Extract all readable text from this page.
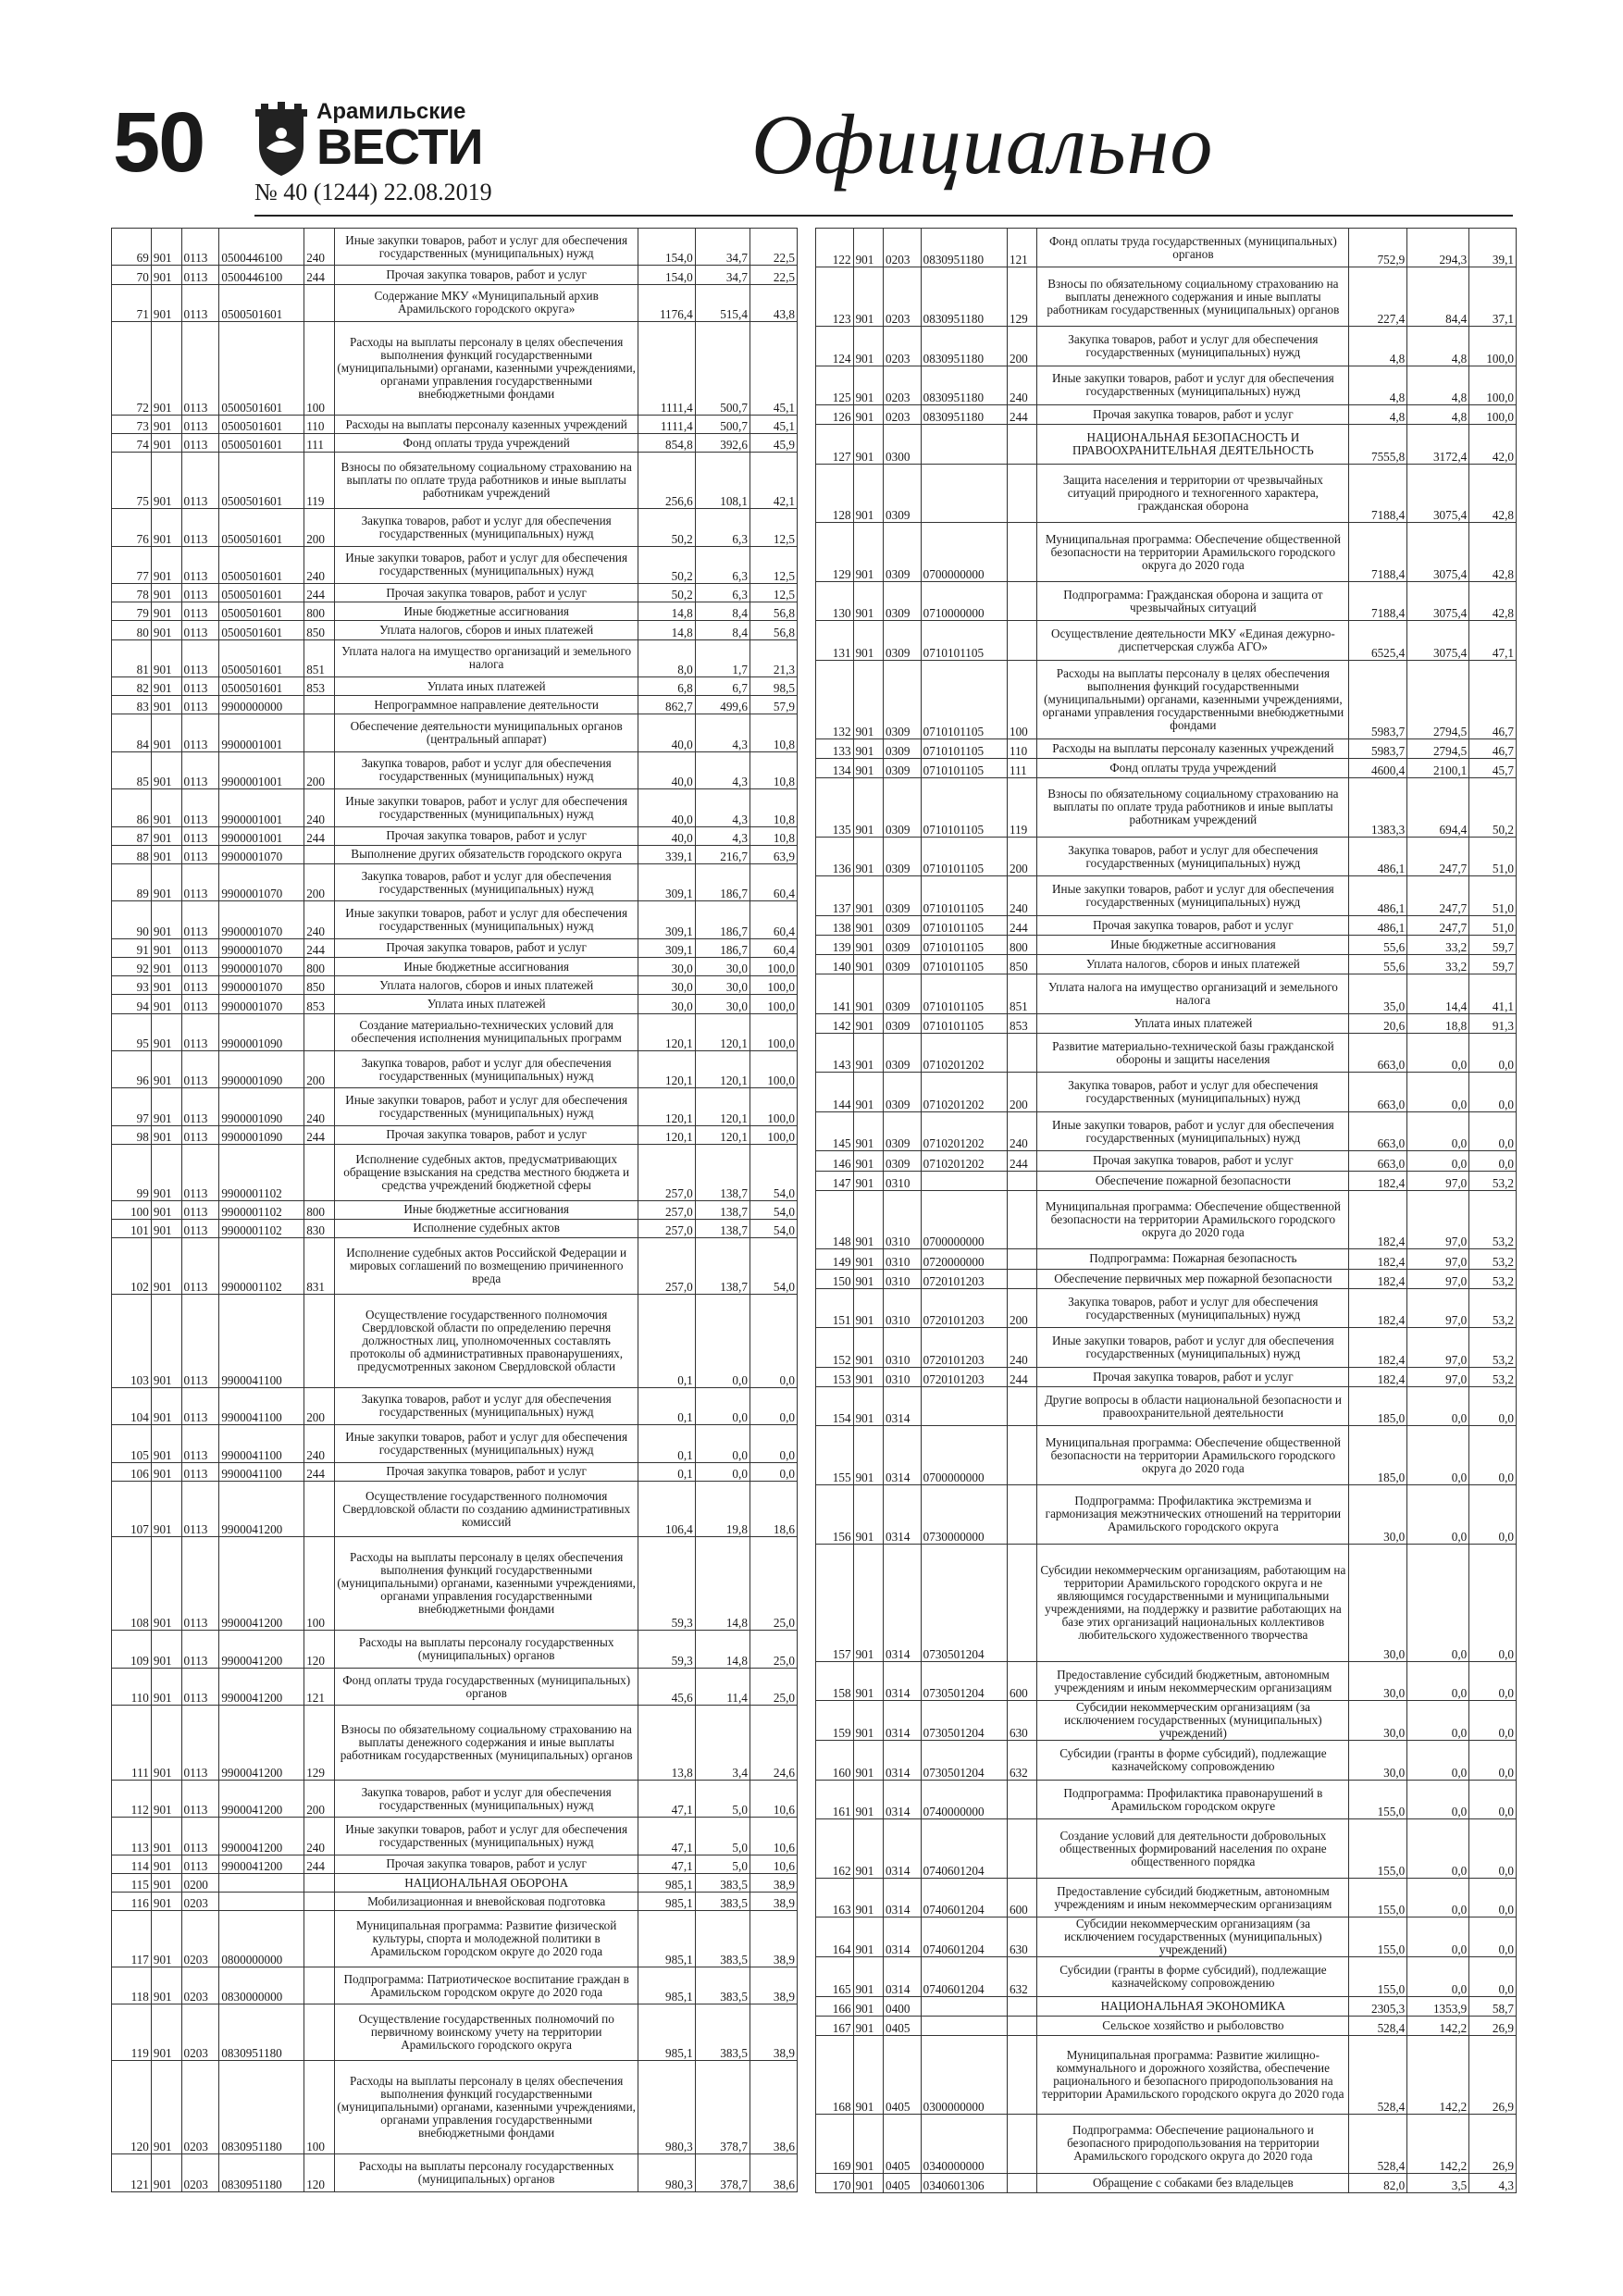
50	Арамильские
ВЕСТИ
№ 40 (1244) 22.08.2019
Официально
69	901	0113	0500446100	240	Иные закупки товаров, работ и услуг для обеспечения государственных (муниципальных) нужд	154,0	34,7	22,5
70	901	0113	0500446100	244	Прочая закупка товаров, работ и услуг	154,0	34,7	22,5
71	901	0113	0500501601		Содержание МКУ «Муниципальный архив Арамильского городского округа»	1176,4	515,4	43,8
72	901	0113	0500501601	100	Расходы на выплаты персоналу в целях обеспечения выполнения функций государственными (муниципальными) органами, казенными учреждениями, органами управления государственными внебюджетными фондами	1111,4	500,7	45,1
73	901	0113	0500501601	110	Расходы на выплаты персоналу казенных учреждений	1111,4	500,7	45,1
74	901	0113	0500501601	111	Фонд оплаты труда учреждений	854,8	392,6	45,9
75	901	0113	0500501601	119	Взносы по обязательному социальному страхованию на выплаты по оплате труда работников и иные выплаты работникам учреждений	256,6	108,1	42,1
76	901	0113	0500501601	200	Закупка товаров, работ и услуг для обеспечения государственных (муниципальных) нужд	50,2	6,3	12,5
77	901	0113	0500501601	240	Иные закупки товаров, работ и услуг для обеспечения государственных (муниципальных) нужд	50,2	6,3	12,5
78	901	0113	0500501601	244	Прочая закупка товаров, работ и услуг	50,2	6,3	12,5
79	901	0113	0500501601	800	Иные бюджетные ассигнования	14,8	8,4	56,8
80	901	0113	0500501601	850	Уплата налогов, сборов и иных платежей	14,8	8,4	56,8
81	901	0113	0500501601	851	Уплата налога на имущество организаций и земельного налога	8,0	1,7	21,3
82	901	0113	0500501601	853	Уплата иных платежей	6,8	6,7	98,5
83	901	0113	9900000000		Непрограммное направление деятельности	862,7	499,6	57,9
84	901	0113	9900001001		Обеспечение деятельности муниципальных органов (центральный аппарат)	40,0	4,3	10,8
85	901	0113	9900001001	200	Закупка товаров, работ и услуг для обеспечения государственных (муниципальных) нужд	40,0	4,3	10,8
86	901	0113	9900001001	240	Иные закупки товаров, работ и услуг для обеспечения государственных (муниципальных) нужд	40,0	4,3	10,8
87	901	0113	9900001001	244	Прочая закупка товаров, работ и услуг	40,0	4,3	10,8
88	901	0113	9900001070		Выполнение других обязательств городского округа	339,1	216,7	63,9
89	901	0113	9900001070	200	Закупка товаров, работ и услуг для обеспечения государственных (муниципальных) нужд	309,1	186,7	60,4
90	901	0113	9900001070	240	Иные закупки товаров, работ и услуг для обеспечения государственных (муниципальных) нужд	309,1	186,7	60,4
91	901	0113	9900001070	244	Прочая закупка товаров, работ и услуг	309,1	186,7	60,4
92	901	0113	9900001070	800	Иные бюджетные ассигнования	30,0	30,0	100,0
93	901	0113	9900001070	850	Уплата налогов, сборов и иных платежей	30,0	30,0	100,0
94	901	0113	9900001070	853	Уплата иных платежей	30,0	30,0	100,0
95	901	0113	9900001090		Создание материально-технических условий для обеспечения исполнения муниципальных программ	120,1	120,1	100,0
96	901	0113	9900001090	200	Закупка товаров, работ и услуг для обеспечения государственных (муниципальных) нужд	120,1	120,1	100,0
97	901	0113	9900001090	240	Иные закупки товаров, работ и услуг для обеспечения государственных (муниципальных) нужд	120,1	120,1	100,0
98	901	0113	9900001090	244	Прочая закупка товаров, работ и услуг	120,1	120,1	100,0
99	901	0113	9900001102		Исполнение судебных актов, предусматривающих обращение взыскания на средства местного бюджета и средства учреждений бюджетной сферы	257,0	138,7	54,0
100	901	0113	9900001102	800	Иные бюджетные ассигнования	257,0	138,7	54,0
101	901	0113	9900001102	830	Исполнение судебных актов	257,0	138,7	54,0
102	901	0113	9900001102	831	Исполнение судебных актов Российской Федерации и мировых соглашений по возмещению причиненного вреда	257,0	138,7	54,0
103	901	0113	9900041100		Осуществление государственного полномочия Свердловской области по определению перечня должностных лиц, уполномоченных составлять протоколы об административных правонарушениях, предусмотренных законом Свердловской области	0,1	0,0	0,0
104	901	0113	9900041100	200	Закупка товаров, работ и услуг для обеспечения государственных (муниципальных) нужд	0,1	0,0	0,0
105	901	0113	9900041100	240	Иные закупки товаров, работ и услуг для обеспечения государственных (муниципальных) нужд	0,1	0,0	0,0
106	901	0113	9900041100	244	Прочая закупка товаров, работ и услуг	0,1	0,0	0,0
107	901	0113	9900041200		Осуществление государственного полномочия Свердловской области по созданию административных комиссий	106,4	19,8	18,6
108	901	0113	9900041200	100	Расходы на выплаты персоналу в целях обеспечения выполнения функций государственными (муниципальными) органами, казенными учреждениями, органами управления государственными внебюджетными фондами	59,3	14,8	25,0
109	901	0113	9900041200	120	Расходы на выплаты персоналу государственных (муниципальных) органов	59,3	14,8	25,0
110	901	0113	9900041200	121	Фонд оплаты труда государственных (муниципальных) органов	45,6	11,4	25,0
111	901	0113	9900041200	129	Взносы по обязательному социальному страхованию на выплаты денежного содержания и иные выплаты работникам государственных (муниципальных) органов	13,8	3,4	24,6
112	901	0113	9900041200	200	Закупка товаров, работ и услуг для обеспечения государственных (муниципальных) нужд	47,1	5,0	10,6
113	901	0113	9900041200	240	Иные закупки товаров, работ и услуг для обеспечения государственных (муниципальных) нужд	47,1	5,0	10,6
114	901	0113	9900041200	244	Прочая закупка товаров, работ и услуг	47,1	5,0	10,6
115	901	0200			НАЦИОНАЛЬНАЯ ОБОРОНА	985,1	383,5	38,9
116	901	0203			Мобилизационная и вневойсковая подготовка	985,1	383,5	38,9
117	901	0203	0800000000		Муниципальная программа: Развитие физической культуры, спорта и молодежной политики в Арамильском городском округе до 2020 года	985,1	383,5	38,9
118	901	0203	0830000000		Подпрограмма: Патриотическое воспитание граждан в Арамильском городском округе до 2020 года	985,1	383,5	38,9
119	901	0203	0830951180		Осуществление государственных полномочий по первичному воинскому учету на территории Арамильского городского округа	985,1	383,5	38,9
120	901	0203	0830951180	100	Расходы на выплаты персоналу в целях обеспечения выполнения функций государственными (муниципальными) органами, казенными учреждениями, органами управления государственными внебюджетными фондами	980,3	378,7	38,6
121	901	0203	0830951180	120	Расходы на выплаты персоналу государственных (муниципальных) органов	980,3	378,7	38,6
122	901	0203	0830951180	121	Фонд оплаты труда государственных (муниципальных) органов	752,9	294,3	39,1
123	901	0203	0830951180	129	Взносы по обязательному социальному страхованию на выплаты денежного содержания и иные выплаты работникам государственных (муниципальных) органов	227,4	84,4	37,1
124	901	0203	0830951180	200	Закупка товаров, работ и услуг для обеспечения государственных (муниципальных) нужд	4,8	4,8	100,0
125	901	0203	0830951180	240	Иные закупки товаров, работ и услуг для обеспечения государственных (муниципальных) нужд	4,8	4,8	100,0
126	901	0203	0830951180	244	Прочая закупка товаров, работ и услуг	4,8	4,8	100,0
127	901	0300			НАЦИОНАЛЬНАЯ БЕЗОПАСНОСТЬ И ПРАВООХРАНИТЕЛЬНАЯ ДЕЯТЕЛЬНОСТЬ	7555,8	3172,4	42,0
128	901	0309			Защита населения и территории от чрезвычайных ситуаций природного и техногенного характера, гражданская оборона	7188,4	3075,4	42,8
129	901	0309	0700000000		Муниципальная программа: Обеспечение общественной безопасности на территории Арамильского городского округа до 2020 года	7188,4	3075,4	42,8
130	901	0309	0710000000		Подпрограмма: Гражданская оборона и защита от чрезвычайных ситуаций	7188,4	3075,4	42,8
131	901	0309	0710101105		Осуществление деятельности МКУ «Единая дежурно-диспетчерская служба АГО»	6525,4	3075,4	47,1
132	901	0309	0710101105	100	Расходы на выплаты персоналу в целях обеспечения выполнения функций государственными (муниципальными) органами, казенными учреждениями, органами управления государственными внебюджетными фондами	5983,7	2794,5	46,7
133	901	0309	0710101105	110	Расходы на выплаты персоналу казенных учреждений	5983,7	2794,5	46,7
134	901	0309	0710101105	111	Фонд оплаты труда учреждений	4600,4	2100,1	45,7
135	901	0309	0710101105	119	Взносы по обязательному социальному страхованию на выплаты по оплате труда работников и иные выплаты работникам учреждений	1383,3	694,4	50,2
136	901	0309	0710101105	200	Закупка товаров, работ и услуг для обеспечения государственных (муниципальных) нужд	486,1	247,7	51,0
137	901	0309	0710101105	240	Иные закупки товаров, работ и услуг для обеспечения государственных (муниципальных) нужд	486,1	247,7	51,0
138	901	0309	0710101105	244	Прочая закупка товаров, работ и услуг	486,1	247,7	51,0
139	901	0309	0710101105	800	Иные бюджетные ассигнования	55,6	33,2	59,7
140	901	0309	0710101105	850	Уплата налогов, сборов и иных платежей	55,6	33,2	59,7
141	901	0309	0710101105	851	Уплата налога на имущество организаций и земельного налога	35,0	14,4	41,1
142	901	0309	0710101105	853	Уплата иных платежей	20,6	18,8	91,3
143	901	0309	0710201202		Развитие материально-технической базы гражданской обороны и защиты населения	663,0	0,0	0,0
144	901	0309	0710201202	200	Закупка товаров, работ и услуг для обеспечения государственных (муниципальных) нужд	663,0	0,0	0,0
145	901	0309	0710201202	240	Иные закупки товаров, работ и услуг для обеспечения государственных (муниципальных) нужд	663,0	0,0	0,0
146	901	0309	0710201202	244	Прочая закупка товаров, работ и услуг	663,0	0,0	0,0
147	901	0310			Обеспечение пожарной безопасности	182,4	97,0	53,2
148	901	0310	0700000000		Муниципальная программа: Обеспечение общественной безопасности на территории Арамильского городского округа до 2020 года	182,4	97,0	53,2
149	901	0310	0720000000		Подпрограмма: Пожарная безопасность	182,4	97,0	53,2
150	901	0310	0720101203		Обеспечение первичных мер пожарной безопасности	182,4	97,0	53,2
151	901	0310	0720101203	200	Закупка товаров, работ и услуг для обеспечения государственных (муниципальных) нужд	182,4	97,0	53,2
152	901	0310	0720101203	240	Иные закупки товаров, работ и услуг для обеспечения государственных (муниципальных) нужд	182,4	97,0	53,2
153	901	0310	0720101203	244	Прочая закупка товаров, работ и услуг	182,4	97,0	53,2
154	901	0314			Другие вопросы в области национальной безопасности и правоохранительной деятельности	185,0	0,0	0,0
155	901	0314	0700000000		Муниципальная программа: Обеспечение общественной безопасности на территории Арамильского городского округа до 2020 года	185,0	0,0	0,0
156	901	0314	0730000000		Подпрограмма: Профилактика экстремизма и гармонизация межэтнических отношений на территории Арамильского городского округа	30,0	0,0	0,0
157	901	0314	0730501204		Субсидии некоммерческим организациям, работающим на территории Арамильского городского округа и не являющимся государственными и муниципальными учреждениями, на поддержку и развитие работающих на базе этих организаций национальных коллективов любительского художественного творчества	30,0	0,0	0,0
158	901	0314	0730501204	600	Предоставление субсидий бюджетным, автономным учреждениям и иным некоммерческим организациям	30,0	0,0	0,0
159	901	0314	0730501204	630	Субсидии некоммерческим организациям (за исключением государственных (муниципальных) учреждений)	30,0	0,0	0,0
160	901	0314	0730501204	632	Субсидии (гранты в форме субсидий), подлежащие казначейскому сопровождению	30,0	0,0	0,0
161	901	0314	0740000000		Подпрограмма: Профилактика правонарушений в Арамильском городском округе	155,0	0,0	0,0
162	901	0314	0740601204		Создание условий для деятельности добровольных общественных формирований населения по охране общественного порядка	155,0	0,0	0,0
163	901	0314	0740601204	600	Предоставление субсидий бюджетным, автономным учреждениям и иным некоммерческим организациям	155,0	0,0	0,0
164	901	0314	0740601204	630	Субсидии некоммерческим организациям (за исключением государственных (муниципальных) учреждений)	155,0	0,0	0,0
165	901	0314	0740601204	632	Субсидии (гранты в форме субсидий), подлежащие казначейскому сопровождению	155,0	0,0	0,0
166	901	0400			НАЦИОНАЛЬНАЯ ЭКОНОМИКА	2305,3	1353,9	58,7
167	901	0405			Сельское хозяйство и рыболовство	528,4	142,2	26,9
168	901	0405	0300000000		Муниципальная программа: Развитие жилищно-коммунального и дорожного хозяйства, обеспечение рационального и безопасного природопользования на территории Арамильского городского округа до 2020 года	528,4	142,2	26,9
169	901	0405	0340000000		Подпрограмма: Обеспечение рационального и безопасного природопользования на территории Арамильского городского округа до 2020 года	528,4	142,2	26,9
170	901	0405	0340601306		Обращение с собаками без владельцев	82,0	3,5	4,3
